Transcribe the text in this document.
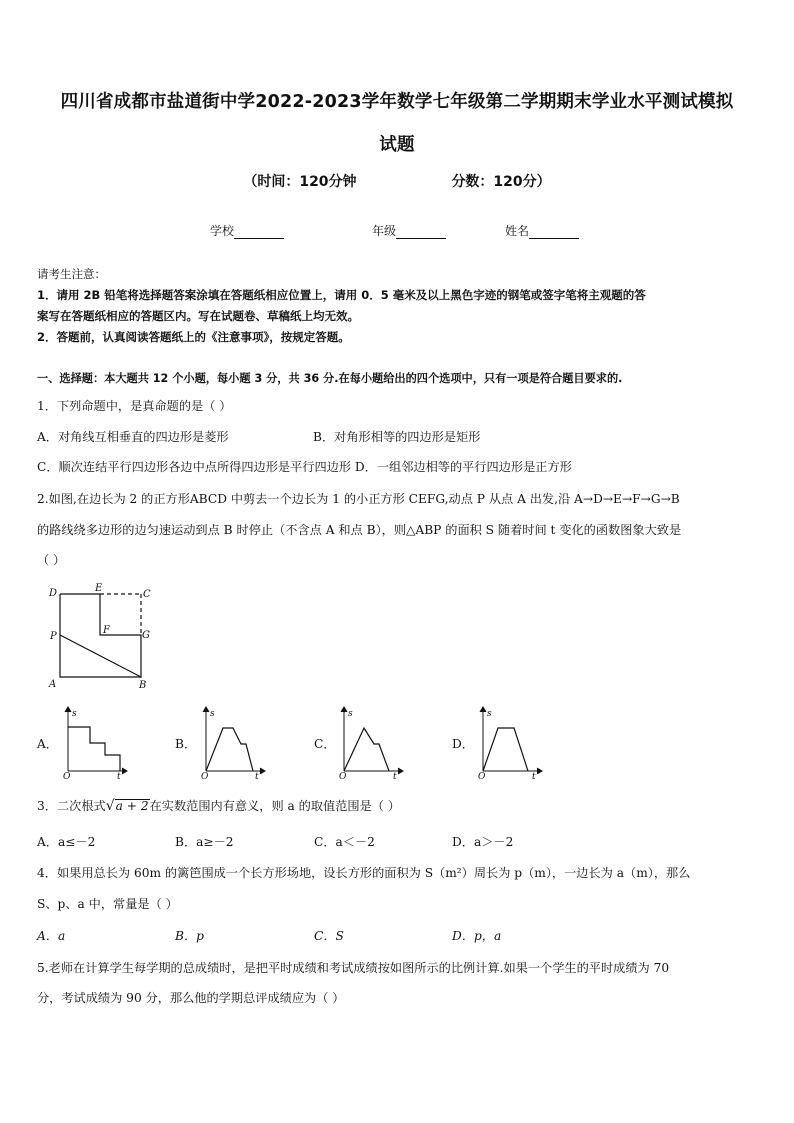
四川省成都市盐道街中学2022-2023学年数学七年级第二学期期末学业水平测试模拟
试题
（时间：120分钟	分数：120分）
学校	年级	姓名
请考生注意：
1．请用 2B 铅笔将选择题答案涂填在答题纸相应位置上，请用 0．5 毫米及以上黑色字迹的钢笔或签字笔将主观题的答
案写在答题纸相应的答题区内。写在试题卷、草稿纸上均无效。
2．答题前，认真阅读答题纸上的《注意事项》，按规定答题。
一、选择题：本大题共 12 个小题，每小题 3 分，共 36 分.在每小题给出的四个选项中，只有一项是符合题目要求的.
1．下列命题中，是真命题的是（ ）
A．对角线互相垂直的四边形是菱形	B．对角形相等的四边形是矩形
C．顺次连结平行四边形各边中点所得四边形是平行四边形 D．一组邻边相等的平行四边形是正方形
2.如图,在边长为 2 的正方形ABCD 中剪去一个边长为 1 的小正方形 CEFG,动点 P 从点 A 出发,沿 A→D→E→F→G→B
的路线绕多边形的边匀速运动到点 B 时停止（不含点 A 和点 B），则△ABP 的面积 S 随着时间 t 变化的函数图象大致是
（ ）
D	E
C
P
F	G
A	B
A．
s
t
O
B．
s
t
O
C．
s
t
O
D．
s
t
O
3．二次根式√a + 2在实数范围内有意义，则 a 的取值范围是（ ）
A．a≤－2	B．a≥－2	C．a＜－2	D．a＞－2
4．如果用总长为 60m 的篱笆围成一个长方形场地，设长方形的面积为 S（m²）周长为 p（m），一边长为 a（m），那么
S、p、a 中，常量是（ ）
A．a	B．p	C．S	D．p，a
5.老师在计算学生每学期的总成绩时，是把平时成绩和考试成绩按如图所示的比例计算.如果一个学生的平时成绩为 70
分，考试成绩为 90 分，那么他的学期总评成绩应为（ ）
